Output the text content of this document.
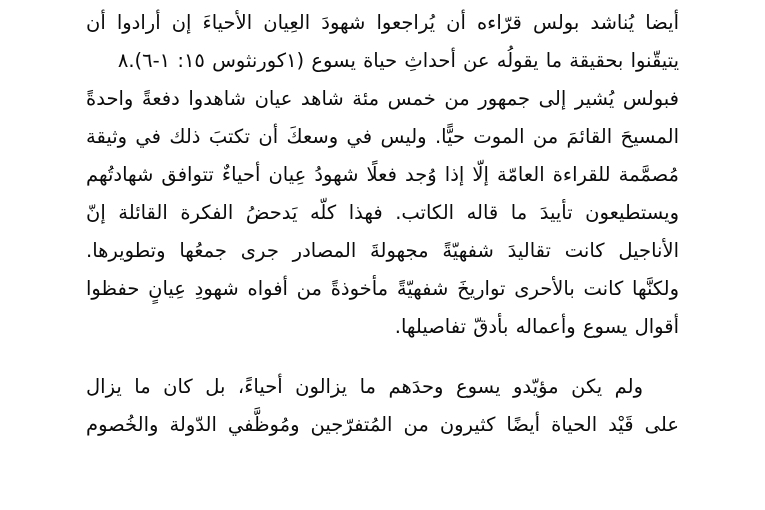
أيضا يُناشد بولس قرّاءه أن يُراجعوا شهودَ العِيان الأحياءَ إن أرادوا أن
يتيقّنوا بحقيقة ما يقولُه عن أحداثِ حياة يسوع (١كورنثوس ١٥: ١-٦).٨

فبولس يُشير إلى جمهور من خمس مئة شاهد عيان شاهدوا دفعةً واحدةً
المسيحَ القائمَ من الموت حيًّا. وليس في وسعكَ أن تكتبَ ذلك في وثيقة
مُصمَّمة للقراءة العامّة إلّا إذا وُجد فعلًا شهودُ عِيان أحياءٌ تتوافق شهادتُهم
ويستطيعون تأييدَ ما قاله الكاتب. فهذا كلّه يَدحضُ الفكرة القائلة إنّ
الأناجيل كانت تقاليدَ شفهيّةً مجهولةَ المصادر جرى جمعُها وتطويرها.
ولكنَّها كانت بالأحرى تواريخَ شفهيّةً مأخوذةً من أفواه شهودِ عِيانٍ حفظوا
أقوال يسوع وأعماله بأدقّ تفاصيلها.

ولم يكن مؤيّدو يسوع وحدَهم ما يزالون أحياءً، بل كان ما يزال
على قَيْد الحياة أيضًا كثيرون من المُتفرّجين ومُوظَّفي الدّولة والخُصوم
